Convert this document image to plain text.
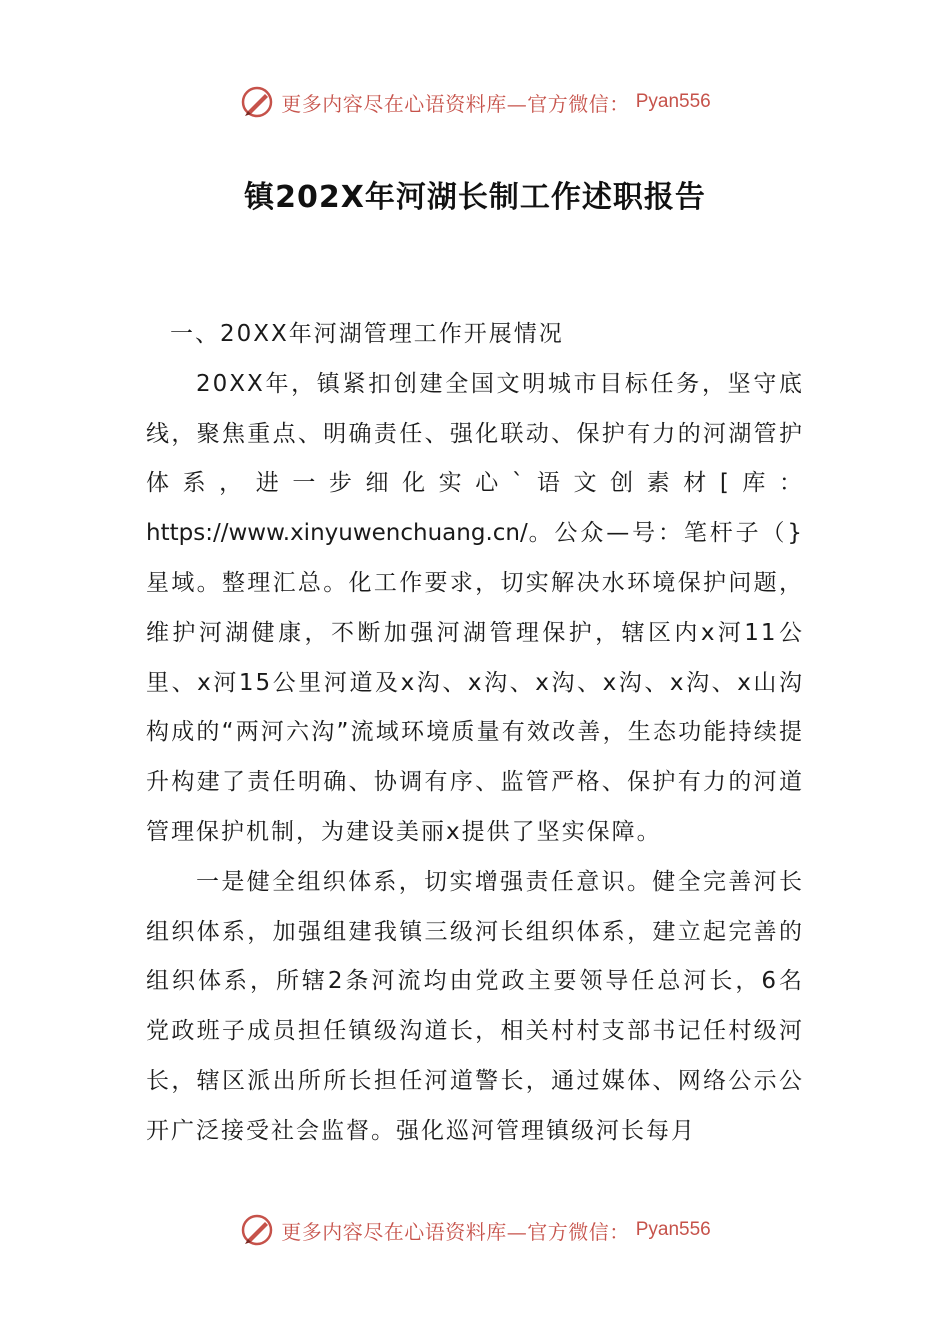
更多内容尽在心语资料库—官方微信： Pyan556
镇202X年河湖长制工作述职报告

一、20XX年河湖管理工作开展情况

20XX年，镇紧扣创建全国文明城市目标任务，坚守底线，聚焦重点、明确责任、强化联动、保护有力的河湖管护体系，进一步细化实心`语文创素材[库：https://www.xinyuwenchuang.cn/。公众—号：笔杆子（}星域。整理汇总。化工作要求，切实解决水环境保护问题，维护河湖健康，不断加强河湖管理保护，辖区内x河11公里、x河15公里河道及x沟、x沟、x沟、x沟、x沟、x山沟构成的“两河六沟”流域环境质量有效改善，生态功能持续提升构建了责任明确、协调有序、监管严格、保护有力的河道管理保护机制，为建设美丽x提供了坚实保障。

一是健全组织体系，切实增强责任意识。健全完善河长组织体系，加强组建我镇三级河长组织体系，建立起完善的组织体系，所辖2条河流均由党政主要领导任总河长，6名党政班子成员担任镇级沟道长，相关村村支部书记任村级河长，辖区派出所所长担任河道警长，通过媒体、网络公示公开广泛接受社会监督。强化巡河管理镇级河长每月

更多内容尽在心语资料库—官方微信： Pyan556
